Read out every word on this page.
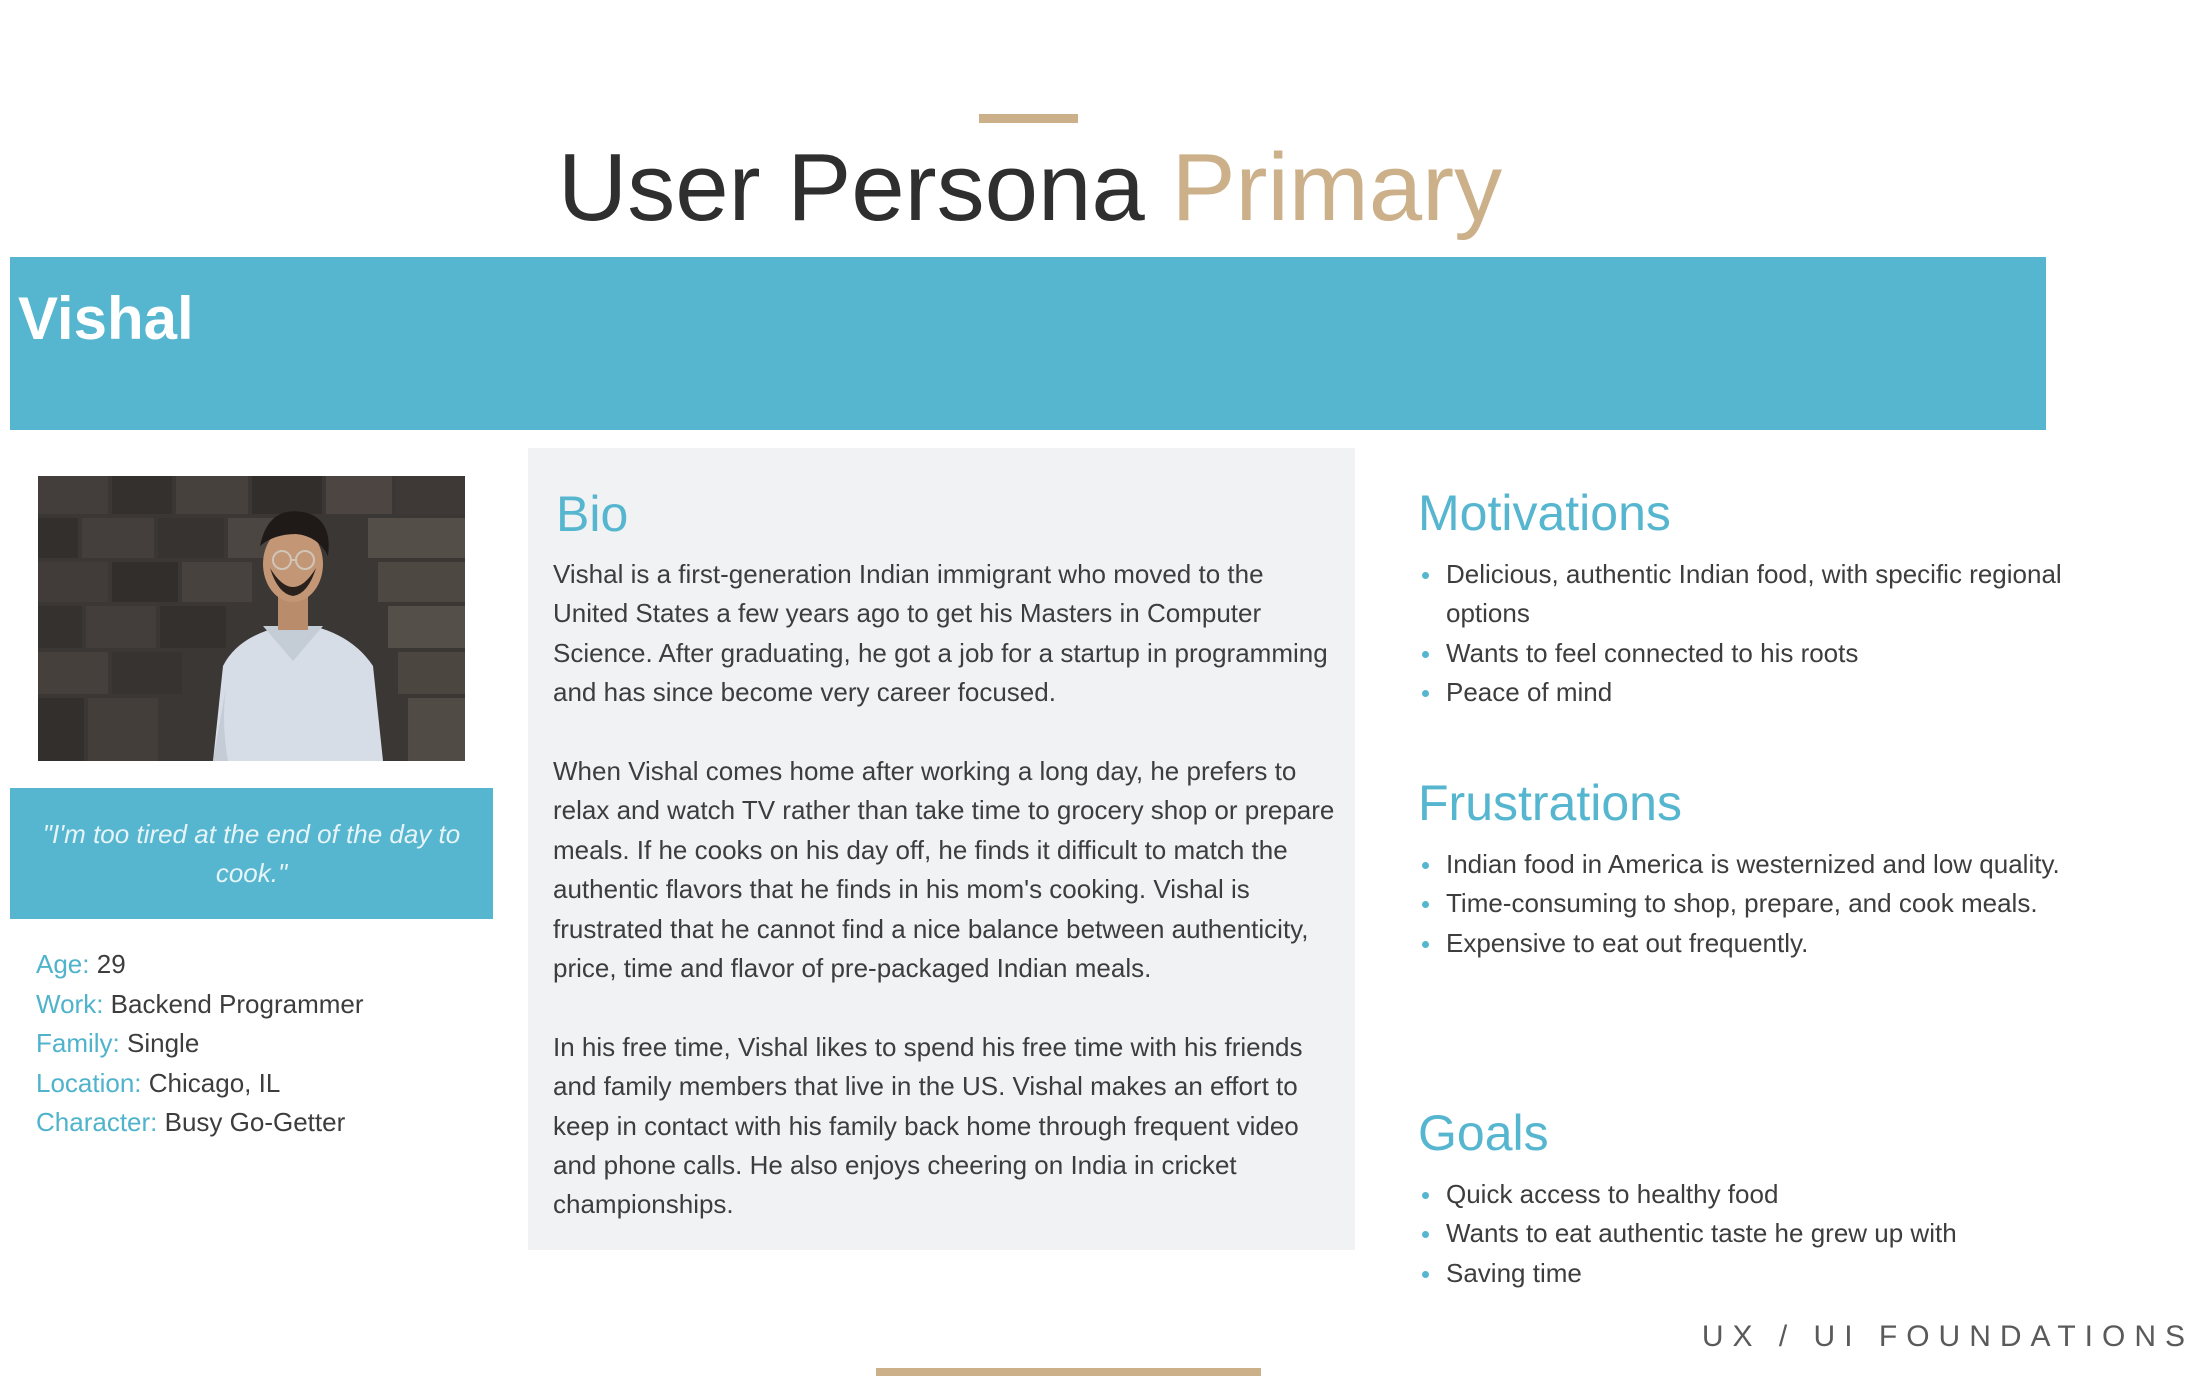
User Persona Primary
Vishal
"I'm too tired at the end of the day to cook."
Age: 29
Work: Backend Programmer
Family: Single
Location: Chicago, IL
Character: Busy Go-Getter
Bio

Vishal is a first-generation Indian immigrant who moved to the United States a few years ago to get his Masters in Computer Science. After graduating, he got a job for a startup in programming and has since become very career focused.

When Vishal comes home after working a long day, he prefers to relax and watch TV rather than take time to grocery shop or prepare meals. If he cooks on his day off, he finds it difficult to match the authentic flavors that he finds in his mom's cooking. Vishal is frustrated that he cannot find a nice balance between authenticity, price, time and flavor of pre-packaged Indian meals.

In his free time, Vishal likes to spend his free time with his friends and family members that live in the US. Vishal makes an effort to keep in contact with his family back home through frequent video and phone calls. He also enjoys cheering on India in cricket championships.

Motivations
Delicious, authentic Indian food, with specific regional options
Wants to feel connected to his roots
Peace of mind
Frustrations
Indian food in America is westernized and low quality.
Time-consuming to shop, prepare, and cook meals.
Expensive to eat out frequently.
Goals
Quick access to healthy food
Wants to eat authentic taste he grew up with
Saving time
UX / UI FOUNDATIONS
